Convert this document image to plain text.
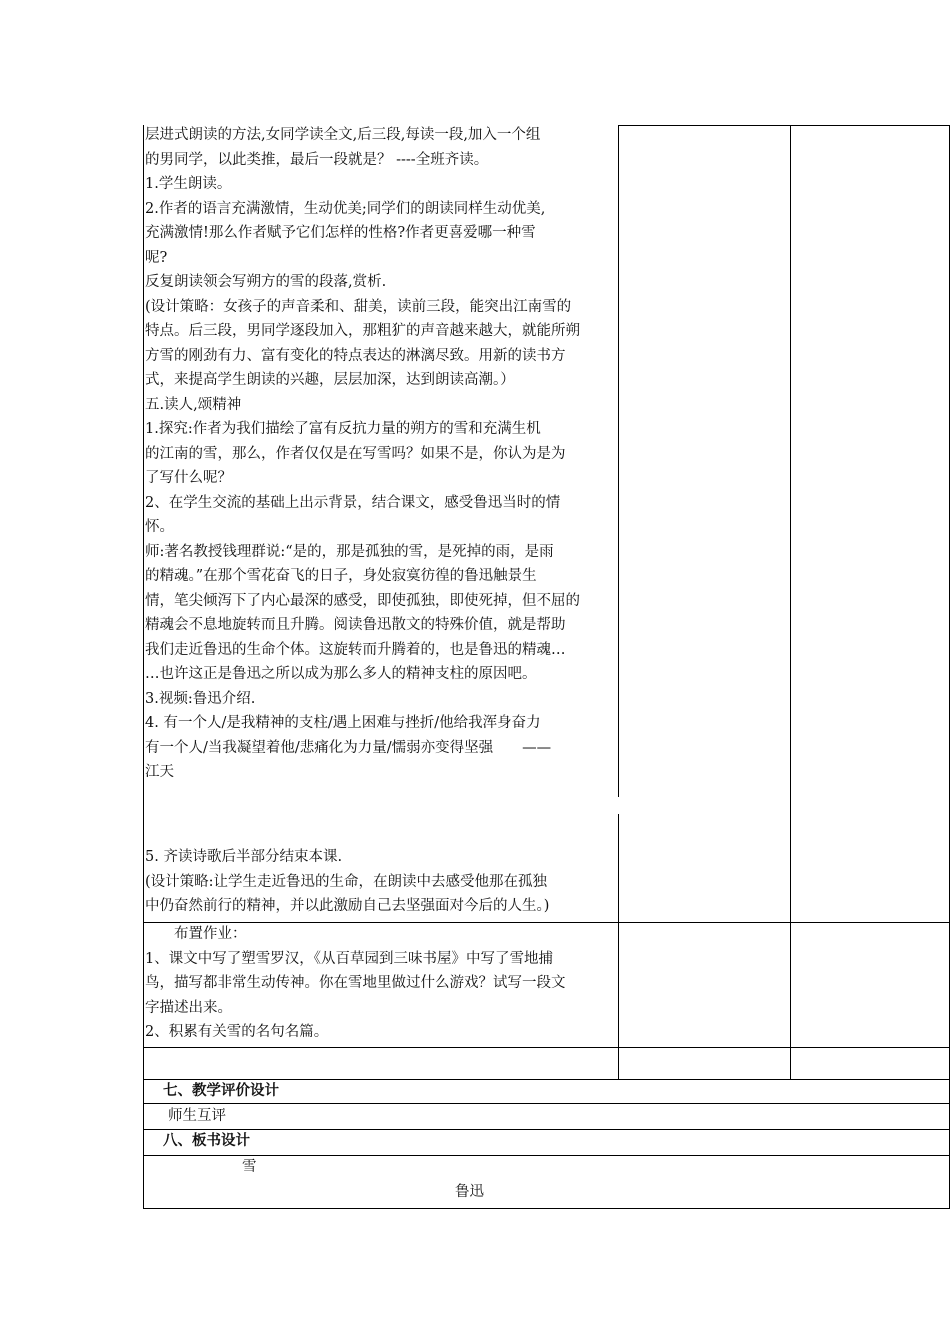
层进式朗读的方法,女同学读全文,后三段,每读一段,加入一个组
的男同学，以此类推，最后一段就是？ ----全班齐读。
1.学生朗读。
2.作者的语言充满激情，生动优美;同学们的朗读同样生动优美,
充满激情!那么作者赋予它们怎样的性格?作者更喜爱哪一种雪
呢?
反复朗读领会写朔方的雪的段落,赏析.
(设计策略：女孩子的声音柔和、甜美，读前三段，能突出江南雪的
特点。后三段，男同学逐段加入，那粗犷的声音越来越大，就能所朔
方雪的刚劲有力、富有变化的特点表达的淋漓尽致。用新的读书方
式，来提高学生朗读的兴趣，层层加深，达到朗读高潮。）
五.读人,颂精神
1.探究:作者为我们描绘了富有反抗力量的朔方的雪和充满生机
的江南的雪，那么，作者仅仅是在写雪吗？如果不是，你认为是为
了写什么呢？
2、在学生交流的基础上出示背景，结合课文，感受鲁迅当时的情
怀。
师:著名教授钱理群说:“是的，那是孤独的雪，是死掉的雨，是雨
的精魂。”在那个雪花奋飞的日子，身处寂寞彷徨的鲁迅触景生
情，笔尖倾泻下了内心最深的感受，即使孤独，即使死掉，但不屈的
精魂会不息地旋转而且升腾。阅读鲁迅散文的特殊价值，就是帮助
我们走近鲁迅的生命个体。这旋转而升腾着的，也是鲁迅的精魂…
…也许这正是鲁迅之所以成为那么多人的精神支柱的原因吧。
3.视频:鲁迅介绍.
4. 有一个人/是我精神的支柱/遇上困难与挫折/他给我浑身奋力
有一个人/当我凝望着他/悲痛化为力量/懦弱亦变得坚强　　——
江天
5. 齐读诗歌后半部分结束本课.
(设计策略:让学生走近鲁迅的生命，在朗读中去感受他那在孤独
中仍奋然前行的精神，并以此激励自己去坚强面对今后的人生。)
　　布置作业：
1、课文中写了塑雪罗汉，《从百草园到三味书屋》中写了雪地捕
鸟，描写都非常生动传神。你在雪地里做过什么游戏？试写一段文
字描述出来。
2、积累有关雪的名句名篇。
七、教学评价设计
师生互评
八、板书设计
雪
鲁迅
